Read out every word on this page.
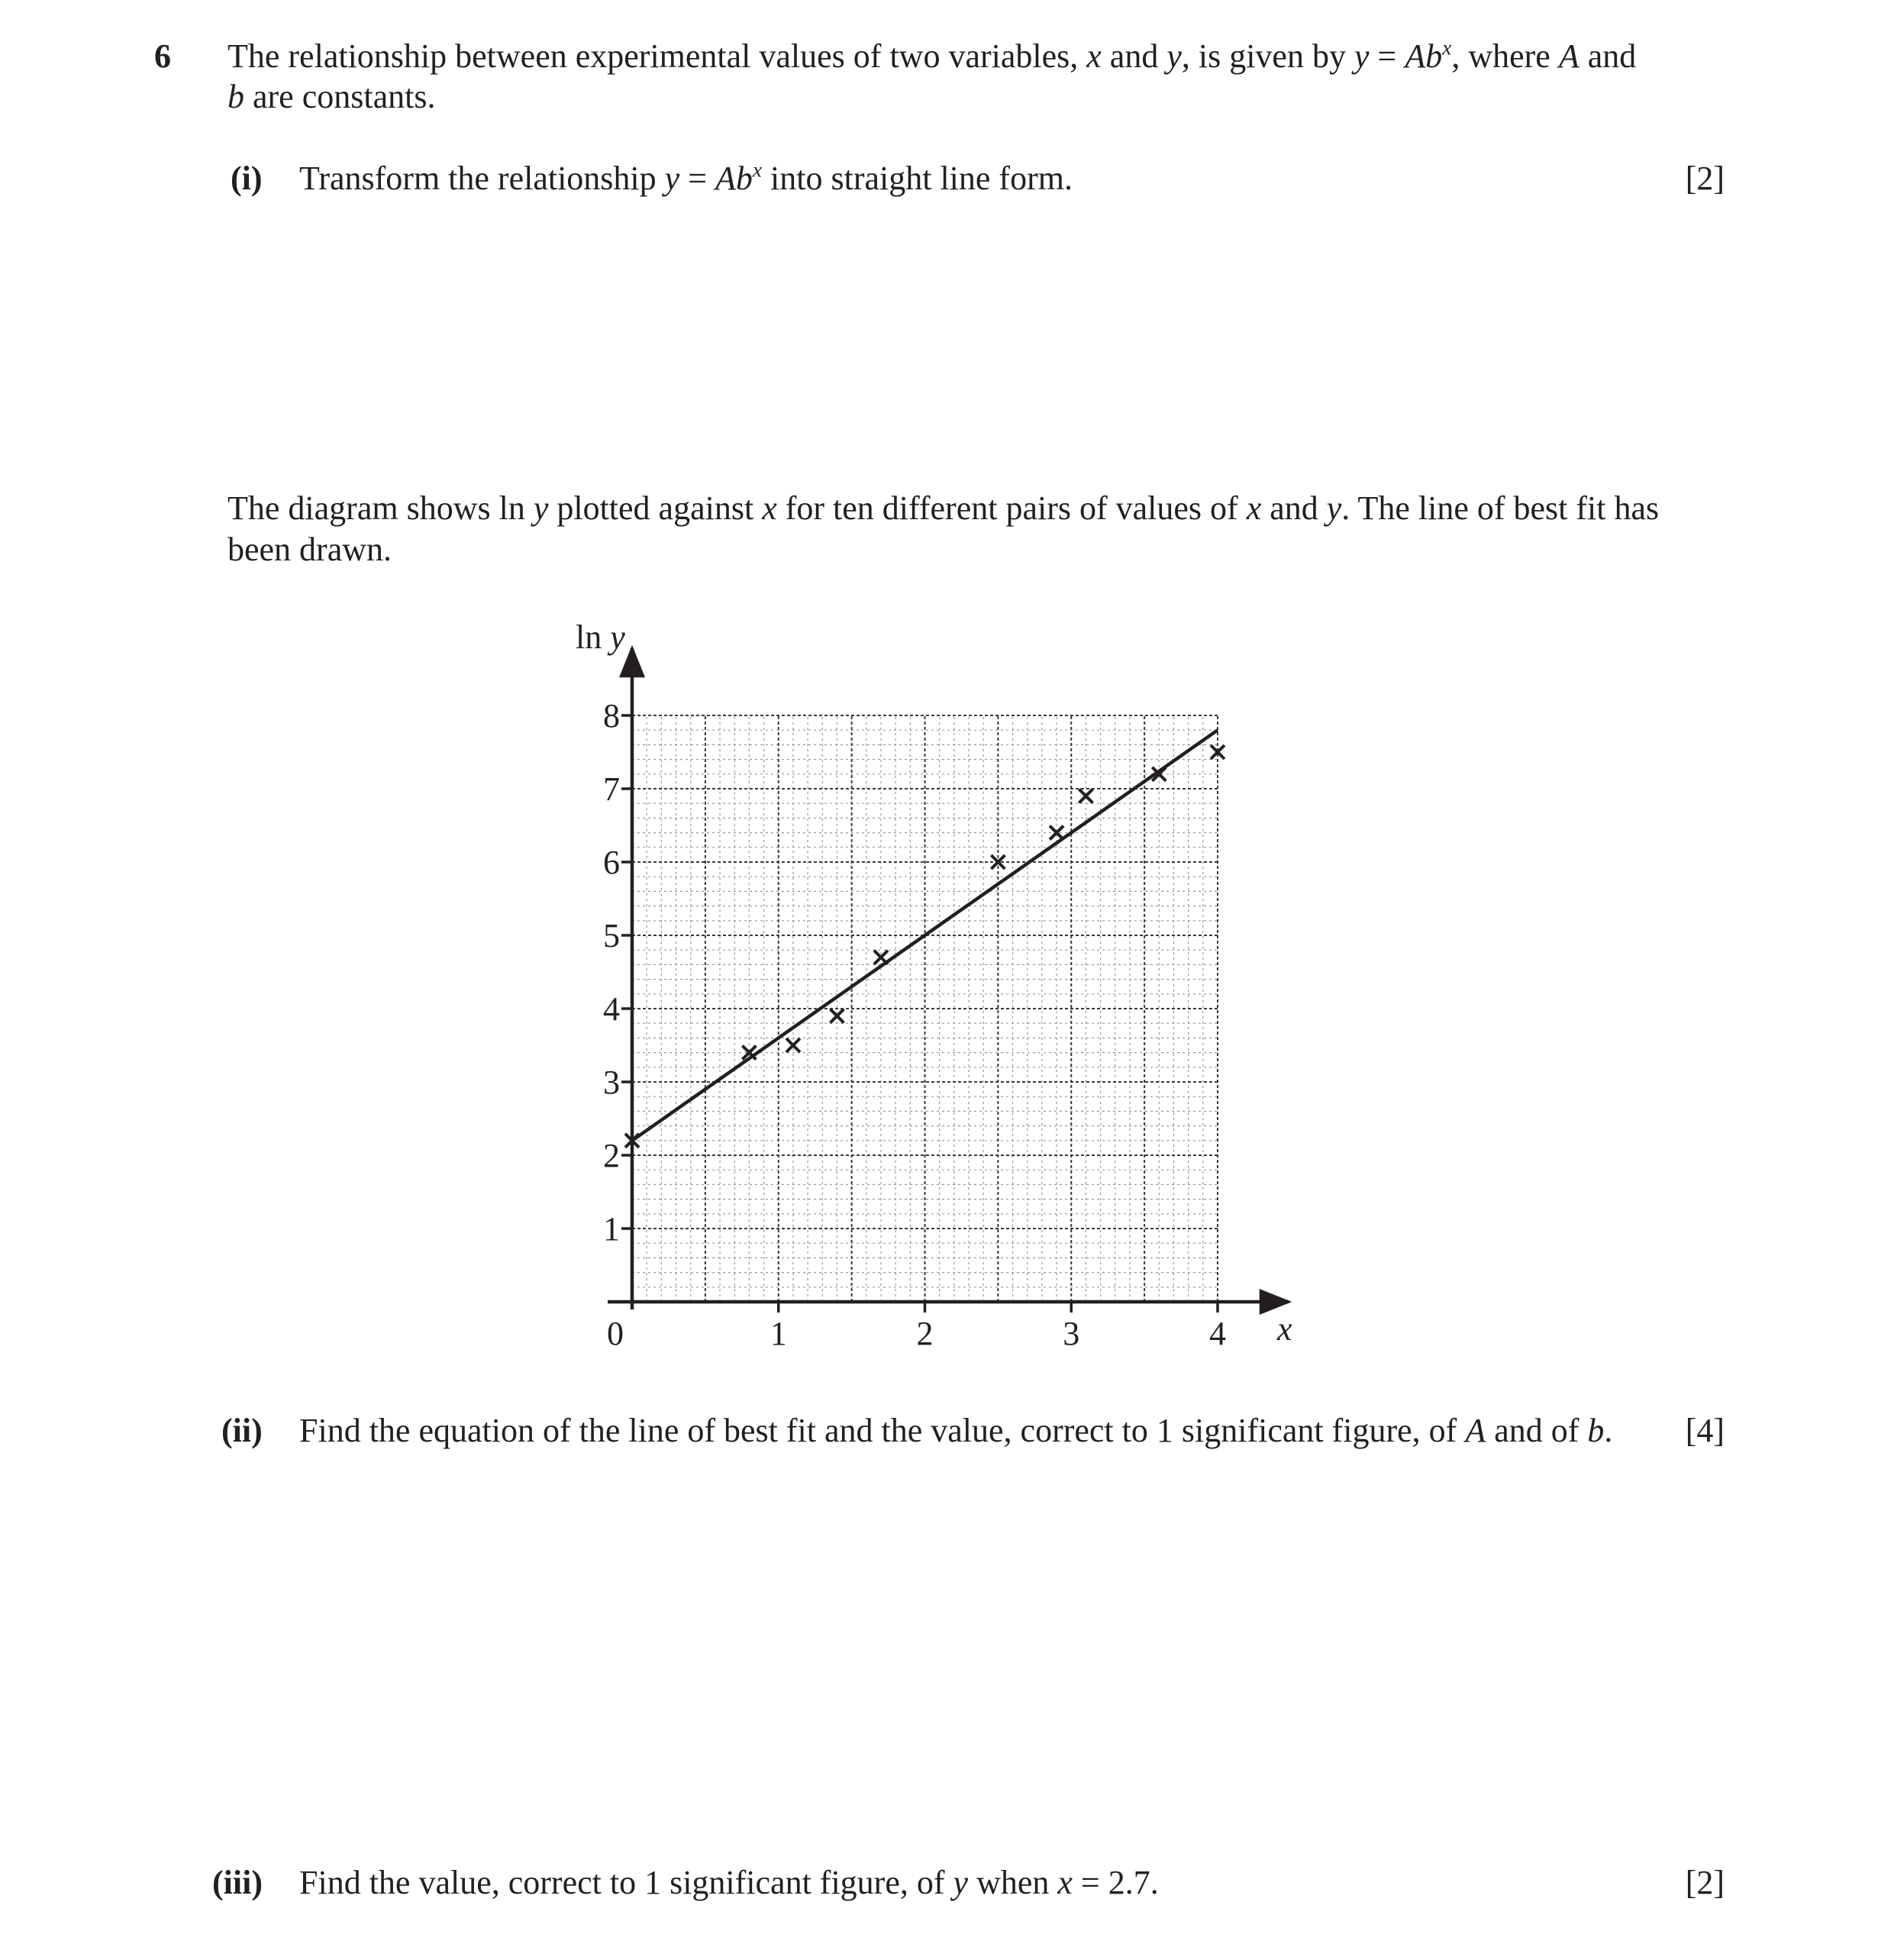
6 The relationship between experimental values of two variables, x and y, is given by $y = Ab^x$, where A and
b are constants.
(i) Transform the relationship $y = Ab^x$ into straight line form.	[2]
The diagram shows ln y plotted against x for ten different pairs of values of x and y. The line of best fit has
been drawn.
1
2
3
4
5
6
7
8
1	2	3	4
ln y
x
0
(ii) Find the equation of the line of best fit and the value, correct to 1 significant figure, of A and of b. [4]
(iii) Find the value, correct to 1 significant figure, of y when x = 2.7.	[2]
